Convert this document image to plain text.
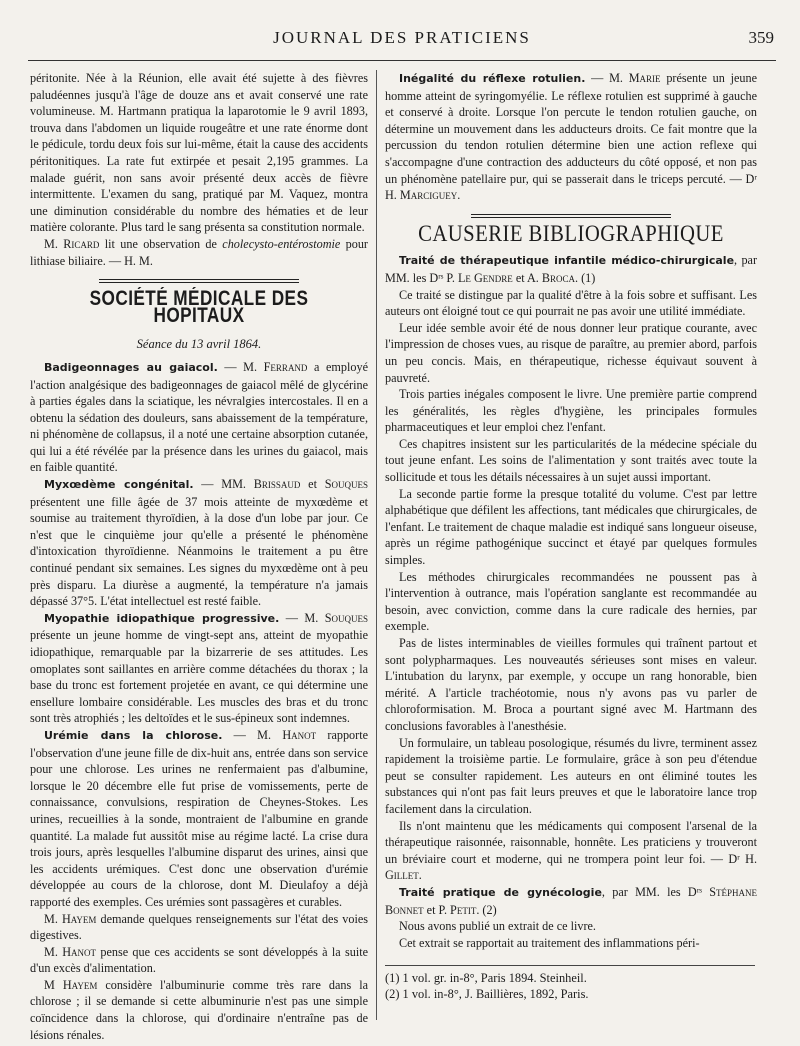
JOURNAL DES PRATICIENS	359

péritonite. Née à la Réunion, elle avait été sujette à des fièvres paludéennes jusqu'à l'âge de douze ans et avait conservé une rate volumineuse. M. Hartmann pratiqua la laparotomie le 9 avril 1893, trouva dans l'abdomen un liquide rougeâtre et une rate énorme dont le pédicule, tordu deux fois sur lui-même, était la cause des accidents péritonitiques. La rate fut extirpée et pesait 2,195 grammes. La malade guérit, non sans avoir présenté deux accès de fièvre intermittente. L'examen du sang, pratiqué par M. Vaquez, montra une diminution considérable du nombre des hématies et de leur matière colorante. Plus tard le sang présenta sa constitution normale.

M. Ricard lit une observation de cholecysto-entérostomie pour lithiase biliaire. — H. M.

SOCIÉTÉ MÉDICALE DES HOPITAUX
Séance du 13 avril 1864.

Badigeonnages au gaiacol. — M. Ferrand a employé l'action analgésique des badigeonnages de gaiacol mêlé de glycérine à parties égales dans la sciatique, les névralgies intercostales. Il en a obtenu la sédation des douleurs, sans abaissement de la température, ni phénomène de collapsus, il a noté une certaine absorption cutanée, qui lui a été révélée par la présence dans les urines du gaiacol, mais en faible quantité.

Myxœdème congénital. — MM. Brissaud et Souques présentent une fille âgée de 37 mois atteinte de myxœdème et soumise au traitement thyroïdien, à la dose d'un lobe par jour. Ce n'est que le cinquième jour qu'elle a présenté le phénomène d'intoxication thyroïdienne. Néanmoins le traitement a pu être continué pendant six semaines. Les signes du myxœdème ont à peu près disparu. La diurèse a augmenté, la température n'a jamais dépassé 37°5. L'état intellectuel est resté faible.

Myopathie idiopathique progressive. — M. Souques présente un jeune homme de vingt-sept ans, atteint de myopathie idiopathique, remarquable par la bizarrerie de ses attitudes. Les omoplates sont saillantes en arrière comme détachées du thorax ; la base du tronc est fortement projetée en avant, ce qui détermine une ensellure lombaire considérable. Les muscles des bras et du tronc sont très atrophiés ; les deltoïdes et le sus-épineux sont indemnes.

Urémie dans la chlorose. — M. Hanot rapporte l'observation d'une jeune fille de dix-huit ans, entrée dans son service pour une chlorose. Les urines ne renfermaient pas d'albumine, lorsque le 20 décembre elle fut prise de vomissements, perte de connaissance, convulsions, respiration de Cheynes-Stokes. Les urines, recueillies à la sonde, montraient de l'albumine en grande quantité. La malade fut aussitôt mise au régime lacté. La crise dura trois jours, après lesquelles l'albumine disparut des urines, ainsi que les accidents urémiques. C'est donc une observation d'urémie développée au cours de la chlorose, dont M. Dieulafoy a déjà rapporté des exemples. Ces urémies sont passagères et curables.

M. Hayem demande quelques renseignements sur l'état des voies digestives.

M. Hanot pense que ces accidents se sont développés à la suite d'un excès d'alimentation.

M Hayem considère l'albuminurie comme très rare dans la chlorose ; il se demande si cette albuminurie n'est pas une simple coïncidence dans la chlorose, qui d'ordinaire n'entraîne pas de lésions rénales.

Inégalité du réflexe rotulien. — M. Marie présente un jeune homme atteint de syringomyélie. Le réflexe rotulien est supprimé à gauche et conservé à droite. Lorsque l'on percute le tendon rotulien gauche, on détermine un mouvement dans les adducteurs droits. Ce fait montre que la percussion du tendon rotulien détermine bien une action reflexe qui s'accompagne d'une contraction des adducteurs du côté opposé, et non pas un phénomène patellaire pur, qui se passerait dans le triceps percuté. — Dʳ H. Marciguey.

CAUSERIE BIBLIOGRAPHIQUE

Traité de thérapeutique infantile médico-chirurgicale, par MM. les Dʳˢ P. Le Gendre et A. Broca. (1)

Ce traité se distingue par la qualité d'être à la fois sobre et suffisant. Les auteurs ont éloigné tout ce qui pourrait ne pas avoir une utilité immédiate.

Leur idée semble avoir été de nous donner leur pratique courante, avec l'impression de choses vues, au risque de paraître, au premier abord, parfois un peu concis. Mais, en thérapeutique, richesse équivaut souvent à pauvreté.

Trois parties inégales composent le livre. Une première partie comprend les généralités, les règles d'hygiène, les principales formules pharmaceutiques et leur emploi chez l'enfant.

Ces chapitres insistent sur les particularités de la médecine spéciale du tout jeune enfant. Les soins de l'alimentation y sont traités avec toute la sollicitude et tous les détails nécessaires à un sujet aussi important.

La seconde partie forme la presque totalité du volume. C'est par lettre alphabétique que défilent les affections, tant médicales que chirurgicales, de l'enfant. Le traitement de chaque maladie est indiqué sans longueur oiseuse, après un régime pathogénique succinct et étayé par quelques formules simples.

Les méthodes chirurgicales recommandées ne poussent pas à l'intervention à outrance, mais l'opération sanglante est recommandée au besoin, avec conviction, comme dans la cure radicale des hernies, par exemple.

Pas de listes interminables de vieilles formules qui traînent partout et sont polypharmaques. Les nouveautés sérieuses sont mises en valeur. L'intubation du larynx, par exemple, y occupe un rang honorable, bien mérité. A l'article trachéotomie, nous n'y avons pas vu parler de chloroformisation. M. Broca a pourtant signé avec M. Hartmann des conclusions favorables à l'anesthésie.

Un formulaire, un tableau posologique, résumés du livre, terminent assez rapidement la troisième partie. Le formulaire, grâce à son peu d'étendue peut se consulter rapidement. Les auteurs en ont éliminé toutes les substances qui n'ont pas fait leurs preuves et que le laboratoire lance trop facilement dans la circulation.

Ils n'ont maintenu que les médicaments qui composent l'arsenal de la thérapeutique raisonnée, raisonnable, honnête. Les praticiens y trouveront un bréviaire court et moderne, qui ne trompera point leur foi. — Dʳ H. Gillet.

Traité pratique de gynécologie, par MM. les Dʳˢ Stéphane Bonnet et P. Petit. (2)

Nous avons publié un extrait de ce livre.

Cet extrait se rapportait au traitement des inflammations péri-

(1) 1 vol. gr. in-8°, Paris 1894. Steinheil.
(2) 1 vol. in-8°, J. Baillières, 1892, Paris.
